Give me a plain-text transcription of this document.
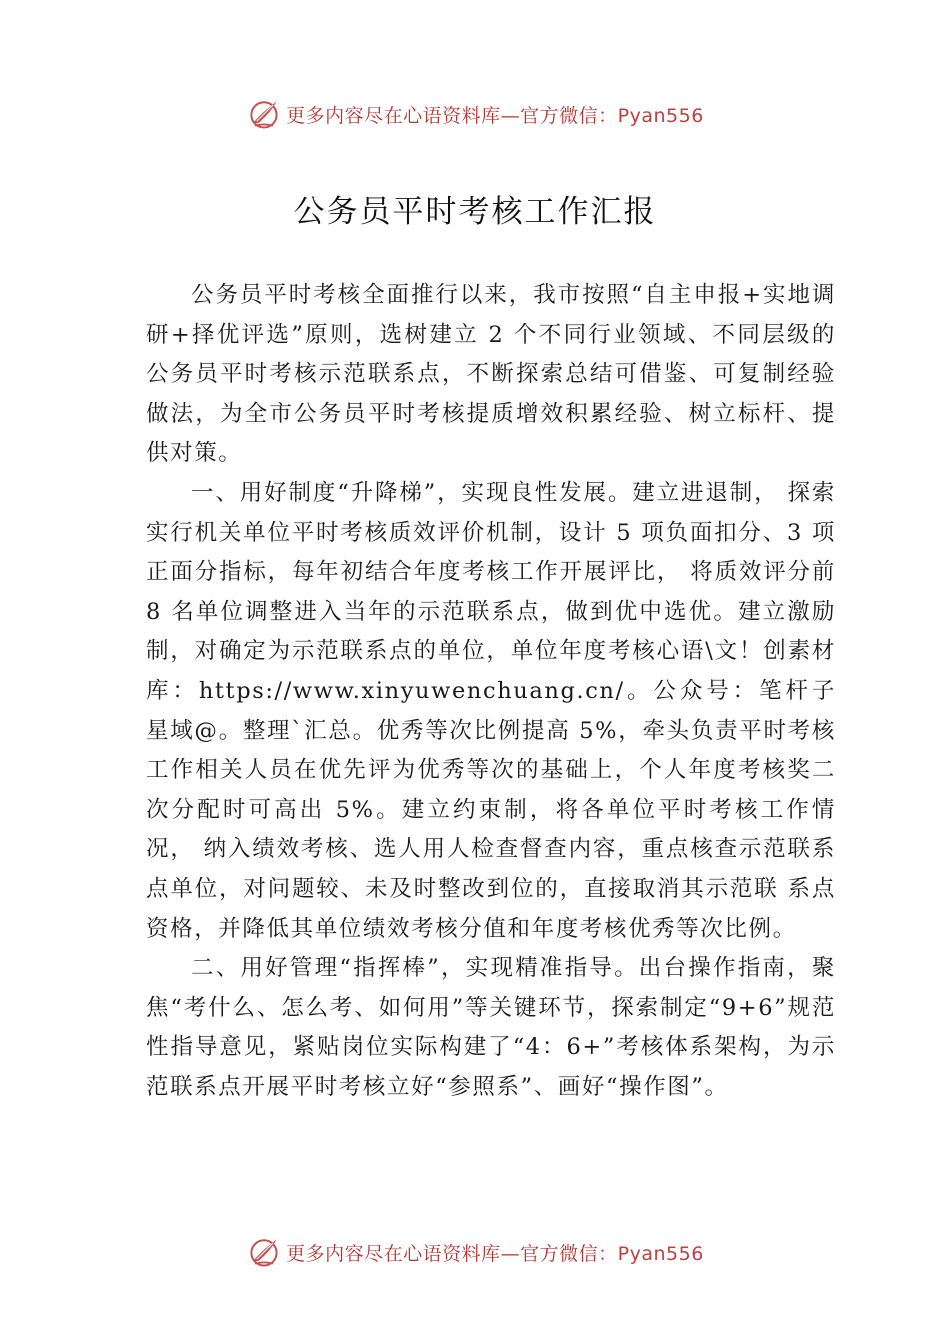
更多内容尽在心语资料库—官方微信：Pyan556
公务员平时考核工作汇报

公务员平时考核全面推行以来，我市按照“自主申报+实地调研+择优评选”原则，选树建立 2 个不同行业领域、不同层级的公务员平时考核示范联系点，不断探索总结可借鉴、可复制经验做法，为全市公务员平时考核提质增效积累经验、树立标杆、提供对策。

一、用好制度“升降梯”，实现良性发展。建立进退制， 探索实行机关单位平时考核质效评价机制，设计 5 项负面扣分、3 项正面分指标，每年初结合年度考核工作开展评比， 将质效评分前 8 名单位调整进入当年的示范联系点，做到优中选优。建立激励制，对确定为示范联系点的单位，单位年度考核心语\文！创素材库：https://www.xinyuwenchuang.cn/。公众号：笔杆子星域@。整理`汇总。优秀等次比例提高 5%，牵头负责平时考核工作相关人员在优先评为优秀等次的基础上，个人年度考核奖二次分配时可高出 5%。建立约束制，将各单位平时考核工作情况， 纳入绩效考核、选人用人检查督查内容，重点核查示范联系点单位，对问题较、未及时整改到位的，直接取消其示范联 系点资格，并降低其单位绩效考核分值和年度考核优秀等次比例。

二、用好管理“指挥棒”，实现精准指导。出台操作指南，聚焦“考什么、怎么考、如何用”等关键环节，探索制定“9+6”规范性指导意见，紧贴岗位实际构建了“4：6+”考核体系架构，为示范联系点开展平时考核立好“参照系”、画好“操作图”。

更多内容尽在心语资料库—官方微信：Pyan556
